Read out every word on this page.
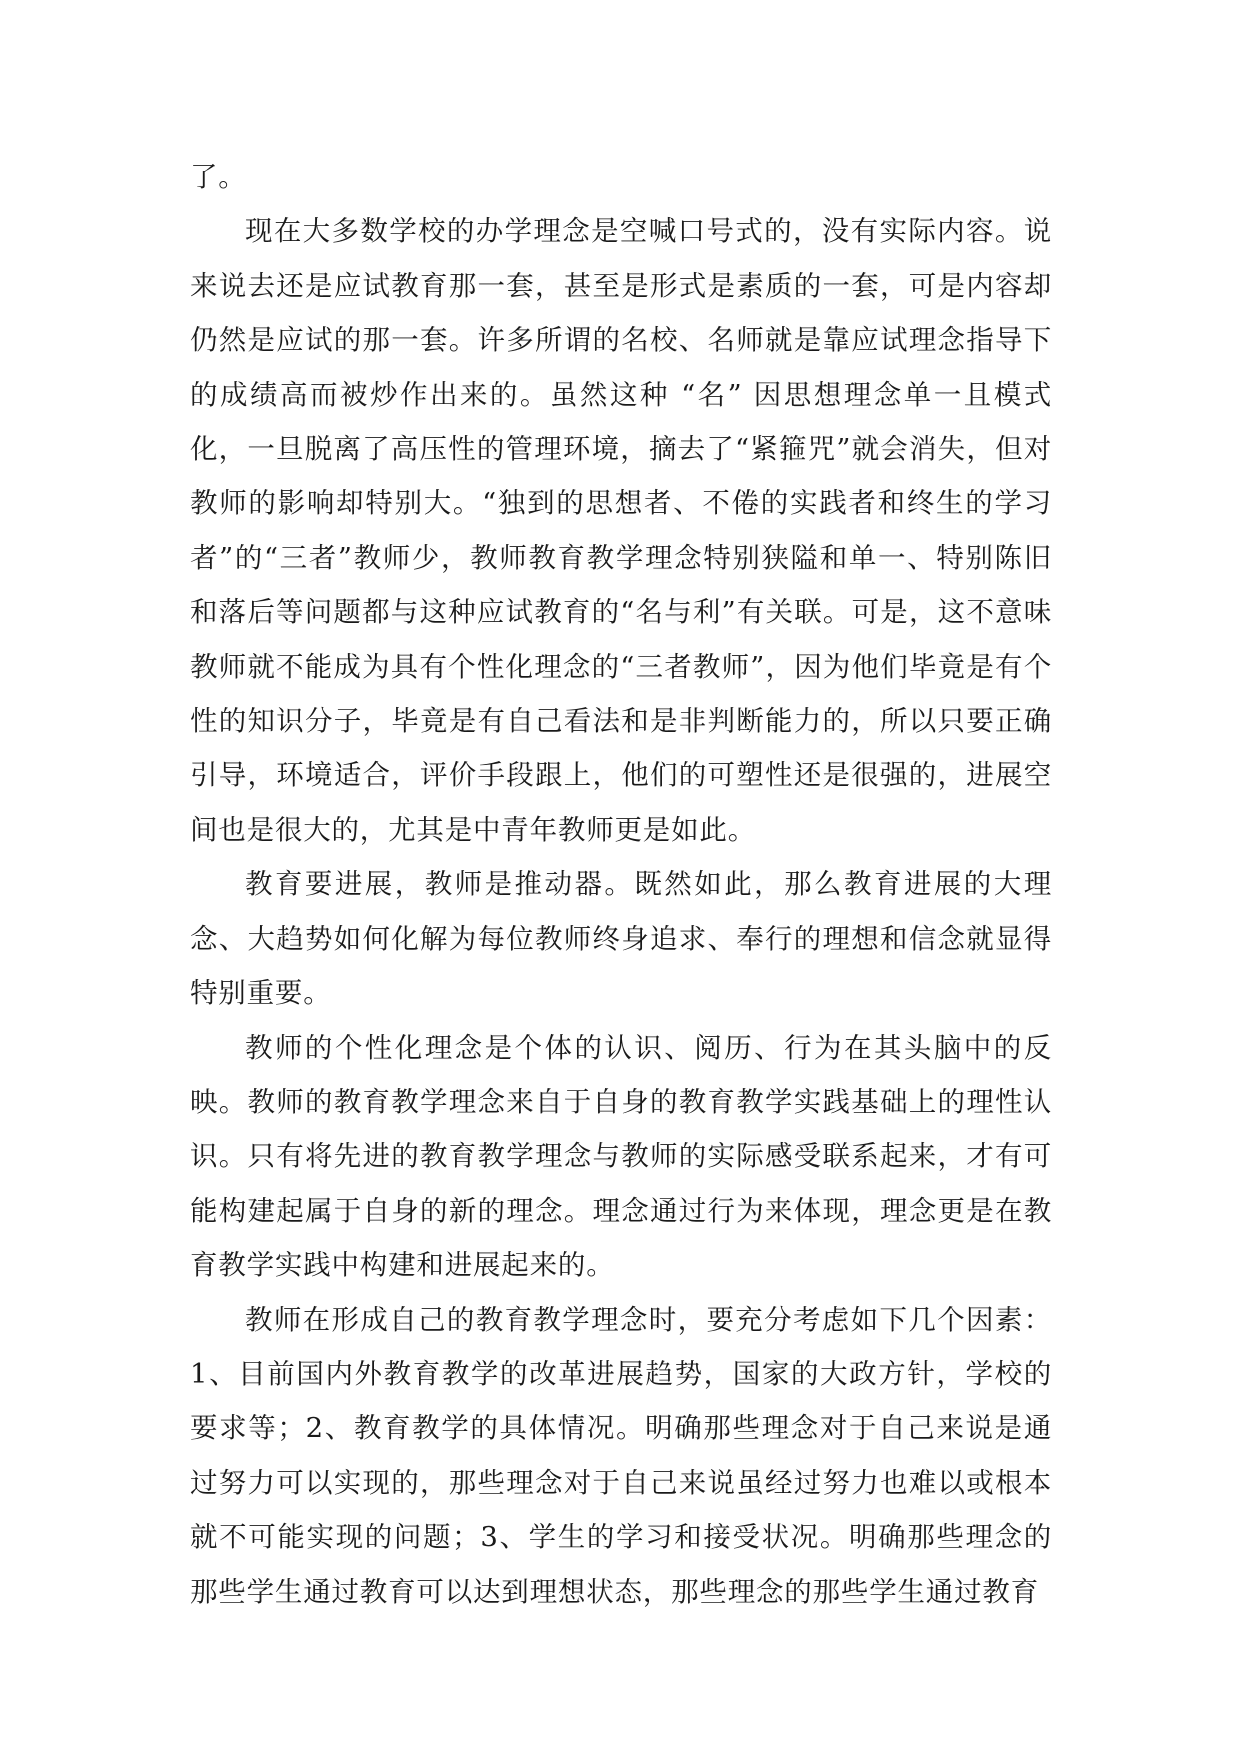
了。

现在大多数学校的办学理念是空喊口号式的，没有实际内容。说来说去还是应试教育那一套，甚至是形式是素质的一套，可是内容却仍然是应试的那一套。许多所谓的名校、名师就是靠应试理念指导下的成绩高而被炒作出来的。虽然这种 “名” 因思想理念单一且模式化，一旦脱离了高压性的管理环境，摘去了“紧箍咒”就会消失，但对教师的影响却特别大。“独到的思想者、不倦的实践者和终生的学习者”的“三者”教师少，教师教育教学理念特别狭隘和单一、特别陈旧和落后等问题都与这种应试教育的“名与利”有关联。可是，这不意味教师就不能成为具有个性化理念的“三者教师”，因为他们毕竟是有个性的知识分子，毕竟是有自己看法和是非判断能力的，所以只要正确引导，环境适合，评价手段跟上，他们的可塑性还是很强的，进展空间也是很大的，尤其是中青年教师更是如此。

教育要进展，教师是推动器。既然如此，那么教育进展的大理念、大趋势如何化解为每位教师终身追求、奉行的理想和信念就显得特别重要。

教师的个性化理念是个体的认识、阅历、行为在其头脑中的反映。教师的教育教学理念来自于自身的教育教学实践基础上的理性认识。只有将先进的教育教学理念与教师的实际感受联系起来，才有可能构建起属于自身的新的理念。理念通过行为来体现，理念更是在教育教学实践中构建和进展起来的。

教师在形成自己的教育教学理念时，要充分考虑如下几个因素：1、目前国内外教育教学的改革进展趋势，国家的大政方针，学校的要求等；2、教育教学的具体情况。明确那些理念对于自己来说是通过努力可以实现的，那些理念对于自己来说虽经过努力也难以或根本就不可能实现的问题；3、学生的学习和接受状况。明确那些理念的那些学生通过教育可以达到理想状态，那些理念的那些学生通过教育
